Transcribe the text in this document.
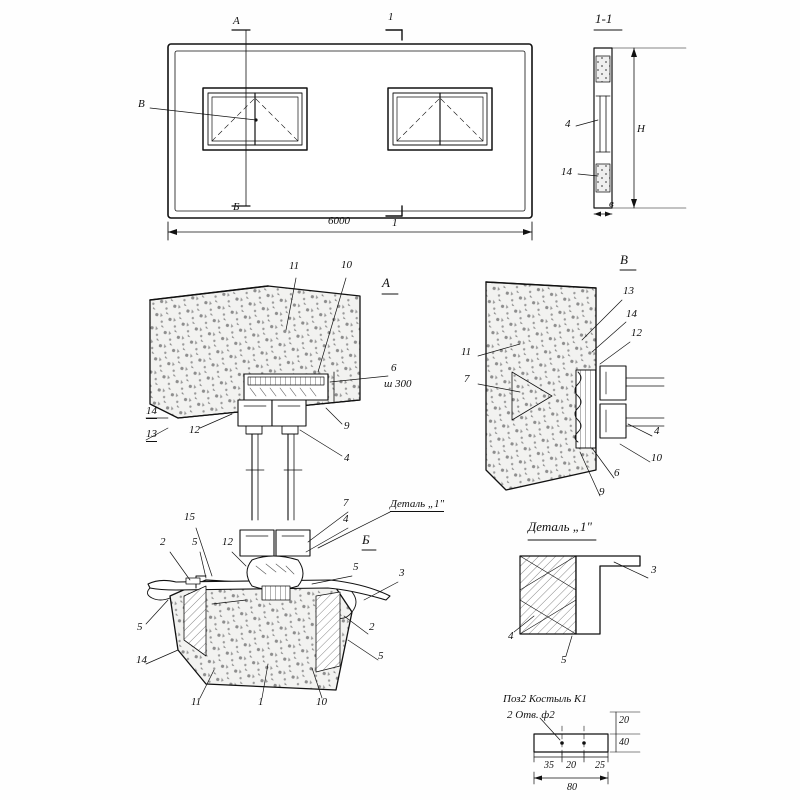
А
В
Б
1
1
6000
1-1
4
14
Н
в
А
11	10
6
ш 300
9
4
14
13	12
В
13
14
12
11
7
4
10
6
9
Б
Деталь „1"
15
12
2 5
7
4
5	3
5	2
5
14
11	1	10
Деталь „1"
3
4
5
Поз2 Костыль К1
2 Отв. ф2
35 20 25
80
20
40
